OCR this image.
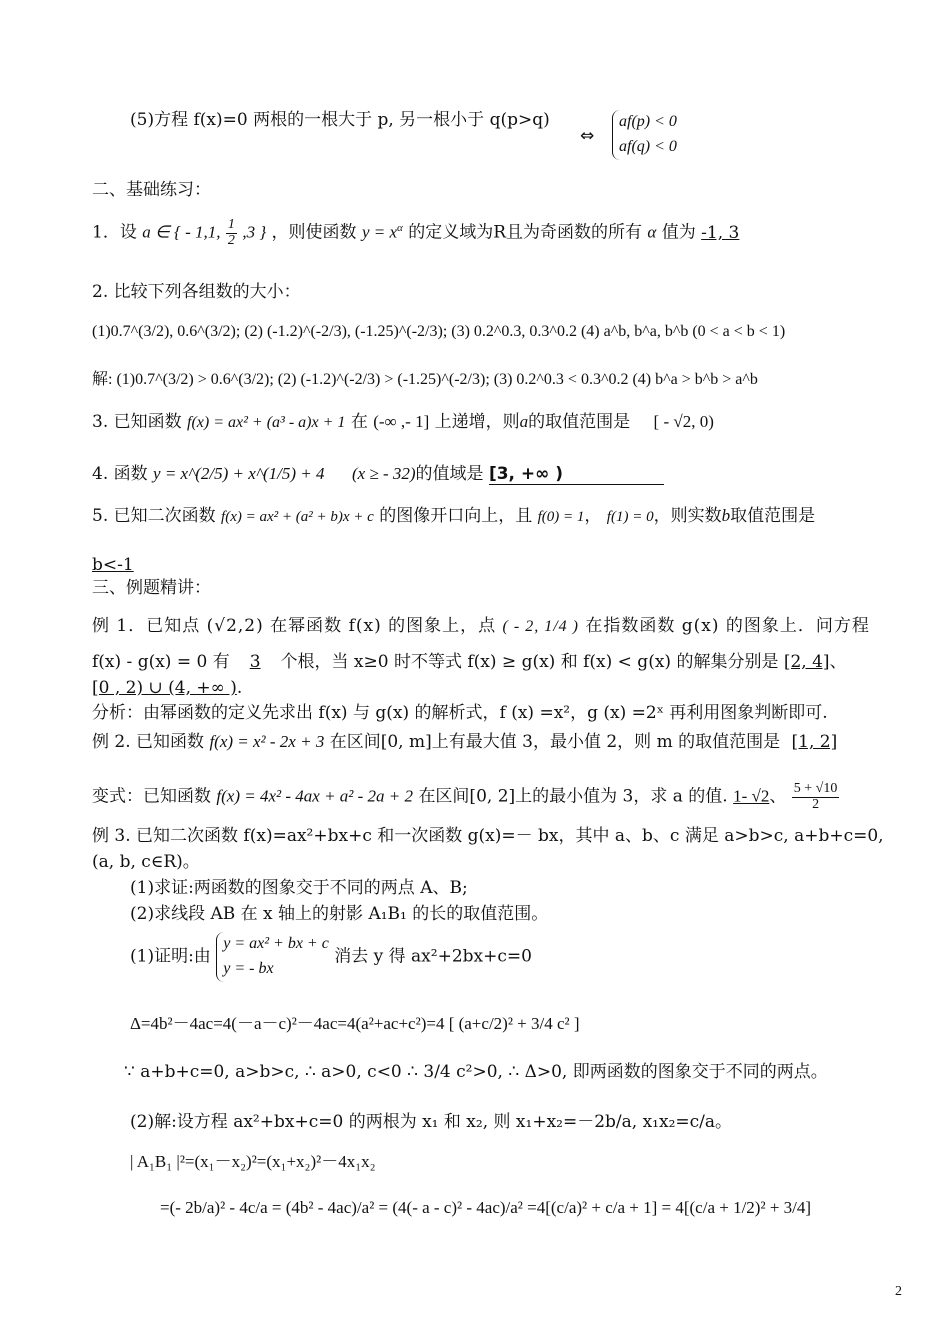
(5)方程 f(x)=0 两根的一根大于 p, 另一根小于 q(p>q)
⇔
af(p) < 0
af(q) < 0
二、基础练习：
1．设 a ∈ { - 1,1, $\frac{1}{2} ,3$ } ，则使函数 $y = x^\alpha$ 的定义域为R且为奇函数的所有 α 值为 -1, 3
2. 比较下列各组数的大小：
(1)0.7^(3/2), 0.6^(3/2); (2) (-1.2)^(-2/3), (-1.25)^(-2/3); (3) 0.2^0.3, 0.3^0.2 (4) a^b, b^a, b^b (0 < a < b < 1)
解: (1)0.7^(3/2) > 0.6^(3/2); (2) (-1.2)^(-2/3) > (-1.25)^(-2/3); (3) 0.2^0.3 < 0.3^0.2 (4) b^a > b^b > a^b
3. 已知函数 f(x) = ax² + (a³ - a)x + 1 在 (-∞ ,- 1] 上递增，则a的取值范围是 [ - √2, 0)
4. 函数 y = x^(2/5) + x^(1/5) + 4 (x ≥ - 32)的值域是 [3, +∞ )
5. 已知二次函数 f(x) = ax² + (a² + b)x + c 的图像开口向上，且 f(0) = 1， f(1) = 0，则实数b取值范围是
b<-1
三、例题精讲：
例 1．已知点 (√2,2) 在幂函数 f(x) 的图象上，点 ( - 2, 1/4 ) 在指数函数 g(x) 的图象上．问方程
f(x) - g(x) = 0 有 3 个根，当 x≥0 时不等式 f(x) ≥ g(x) 和 f(x) < g(x) 的解集分别是 [2, 4]、
[0 , 2) ∪ (4, +∞ ).
分析：由幂函数的定义先求出 f(x) 与 g(x) 的解析式，f (x) =x²，g (x) =2ˣ 再利用图象判断即可.
例 2. 已知函数 f(x) = x² - 2x + 3 在区间[0, m]上有最大值 3，最小值 2，则 m 的取值范围是 [1, 2]
变式：已知函数 f(x) = 4x² - 4ax + a² - 2a + 2 在区间[0, 2]上的最小值为 3，求 a 的值. 1- √2、 $\frac{5 + √10}{2}$
例 3. 已知二次函数 f(x)=ax²+bx+c 和一次函数 g(x)=－ bx，其中 a、b、c 满足 a>b>c, a+b+c=0,
(a, b, c∈R)。
(1)求证:两函数的图象交于不同的两点 A、B;
(2)求线段 AB 在 x 轴上的射影 A₁B₁ 的长的取值范围。
(1)证明:由 y = ax² + bx + c
y = - bx 消去 y 得 ax²+2bx+c=0
Δ=4b²－4ac=4(－a－c)²－4ac=4(a²+ac+c²)=4 [ (a+c/2)² + 3/4 c² ]
∵ a+b+c=0, a>b>c, ∴ a>0, c<0 ∴ 3/4 c²>0, ∴ Δ>0, 即两函数的图象交于不同的两点。
(2)解:设方程 ax²+bx+c=0 的两根为 x₁ 和 x₂, 则 x₁+x₂=－2b/a, x₁x₂=c/a。
| A₁B₁ |²=(x₁－x₂)²=(x₁+x₂)²－4x₁x₂
=(- 2b/a)² - 4c/a = (4b² - 4ac)/a² = (4(- a - c)² - 4ac)/a² =4[(c/a)² + c/a + 1] = 4[(c/a + 1/2)² + 3/4]
2
